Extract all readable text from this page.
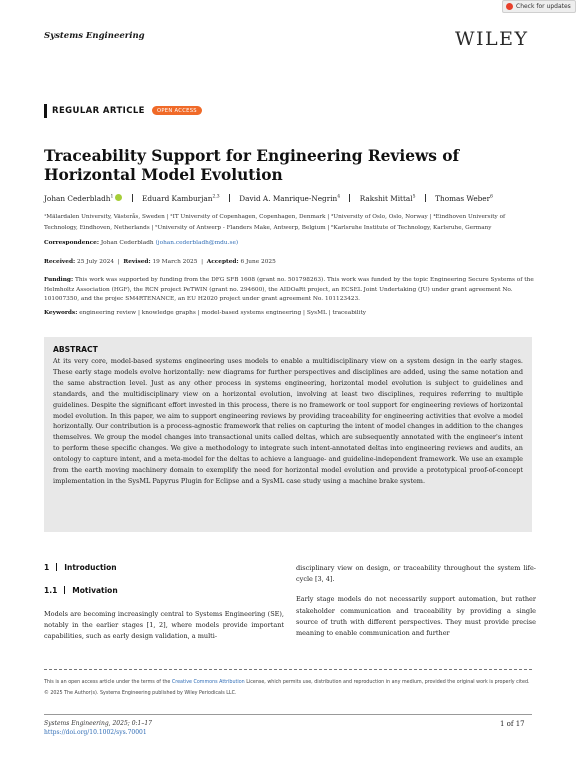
Check for updates
Systems Engineering	WILEY
REGULAR ARTICLE	OPEN ACCESS
Traceability Support for Engineering Reviews of Horizontal Model Evolution
Johan Cederbladh$^1$	Eduard Kamburjan$^{2,3}$	David A. Manrique-Negrin$^4$	Rakshit Mittal$^5$	Thomas Weber$^6$
¹Mälardalen University, Västerås, Sweden | ²IT University of Copenhagen, Copenhagen, Denmark | ³University of Oslo, Oslo, Norway | ⁴Eindhoven University of Technology, Eindhoven, Netherlands | ⁵University of Antwerp - Flanders Make, Antwerp, Belgium | ⁶Karlsruhe Institute of Technology, Karlsruhe, Germany
Correspondence: Johan Cederbladh (johan.cederbladh@mdu.se)
Received: 25 July 2024  |  Revised: 19 March 2025  |  Accepted: 6 June 2025
Funding: This work was supported by funding from the DFG SFB 1608 (grant no. 501798263). This work was funded by the topic Engineering Secure Systems of the Helmholtz Association (HGF), the RCN project PeTWIN (grant no. 294600), the AIDOaRt project, an ECSEL Joint Undertaking (JU) under grant agreement No. 101007350, and the projec SM4RTENANCE, an EU H2020 project under grant agreement No. 101123423.
Keywords: engineering review | knowledge graphs | model-based systems engineering | SysML | traceability
ABSTRACT

At its very core, model-based systems engineering uses models to enable a multidisciplinary view on a system design in the early stages. These early stage models evolve horizontally: new diagrams for further perspectives and disciplines are added, using the same notation and the same abstraction level. Just as any other process in systems engineering, horizontal model evolution is subject to guidelines and standards, and the multidisciplinary view on a horizontal evolution, involving at least two disciplines, requires referring to multiple guidelines. Despite the significant effort invested in this process, there is no framework or tool support for engineering reviews of horizontal model evolution. In this paper, we aim to support engineering reviews by providing traceability for engineering activities that evolve a model horizontally. Our contribution is a process-agnostic framework that relies on capturing the intent of model changes in addition to the changes themselves. We group the model changes into transactional units called deltas, which are subsequently annotated with the engineer's intent to perform these specific changes. We give a methodology to integrate such intent-annotated deltas into engineering reviews and audits, an ontology to capture intent, and a meta-model for the deltas to achieve a language- and guideline-independent framework. We use an example from the earth moving machinery domain to exemplify the need for horizontal model evolution and provide a prototypical proof-of-concept implementation in the SysML Papyrus Plugin for Eclipse and a SysML case study using a machine brake system.

1 Introduction
1.1 Motivation

Models are becoming increasingly central to Systems Engineering (SE), notably in the earlier stages [1, 2], where models provide important capabilities, such as early design validation, a multi-

disciplinary view on design, or traceability throughout the system life-cycle [3, 4].

Early stage models do not necessarily support automation, but rather stakeholder communication and traceability by providing a single source of truth with different perspectives. They must provide precise meaning to enable communication and further

This is an open access article under the terms of the Creative Commons Attribution License, which permits use, distribution and reproduction in any medium, provided the original work is properly cited.
© 2025 The Author(s). Systems Engineering published by Wiley Periodicals LLC.
Systems Engineering, 2025; 0:1–17
https://doi.org/10.1002/sys.70001
1 of 17
